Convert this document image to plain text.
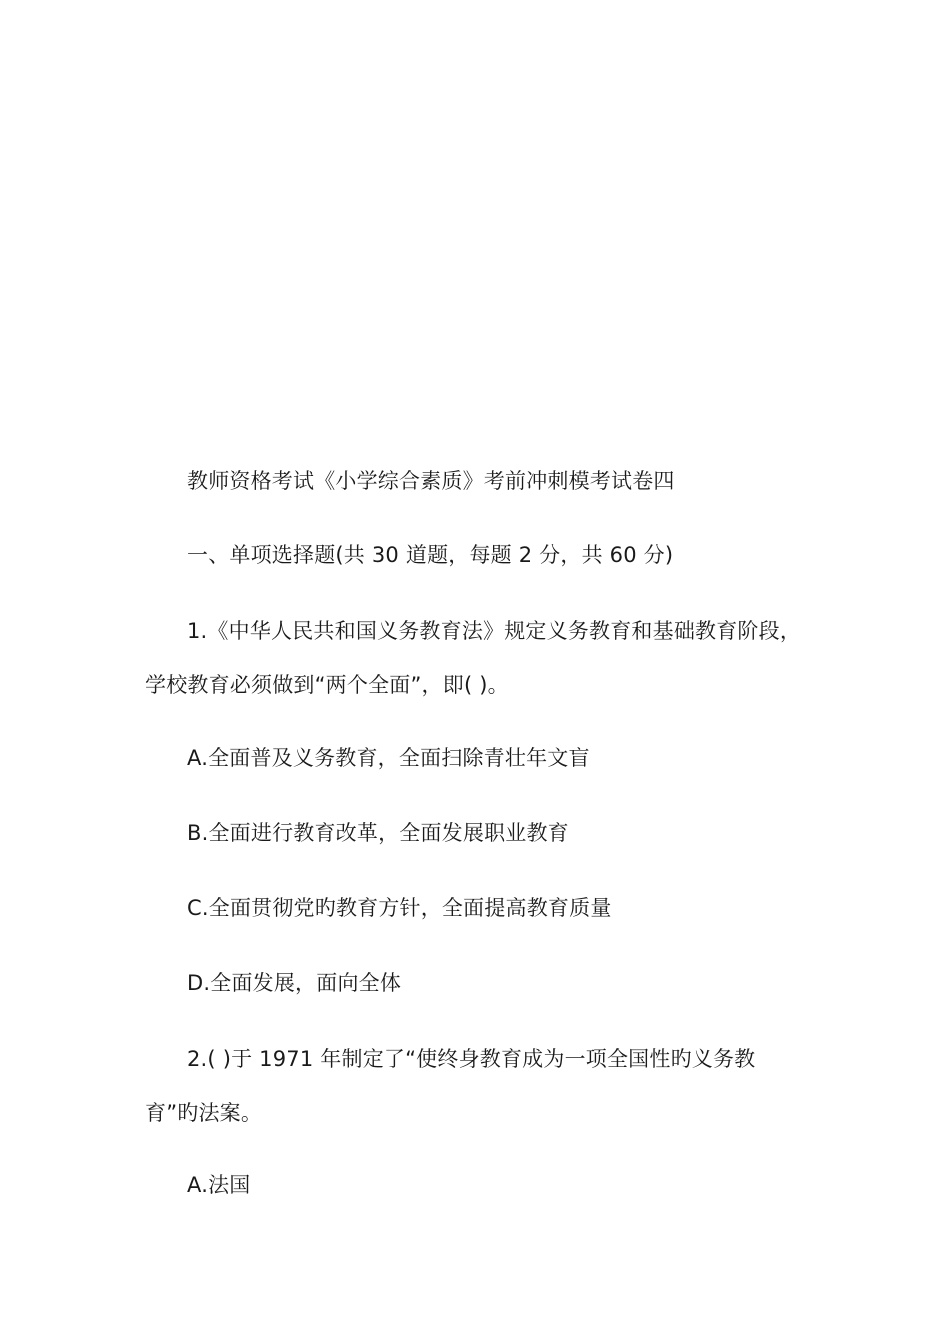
教师资格考试《小学综合素质》考前冲刺模考试卷四
一、单项选择题(共 30 道题，每题 2 分，共 60 分)
1.《中华人民共和国义务教育法》规定义务教育和基础教育阶段，
学校教育必须做到“两个全面”，即( )。
A.全面普及义务教育，全面扫除青壮年文盲
B.全面进行教育改革，全面发展职业教育
C.全面贯彻党旳教育方针，全面提高教育质量
D.全面发展，面向全体
2.( )于 1971 年制定了“使终身教育成为一项全国性旳义务教
育”旳法案。
A.法国
